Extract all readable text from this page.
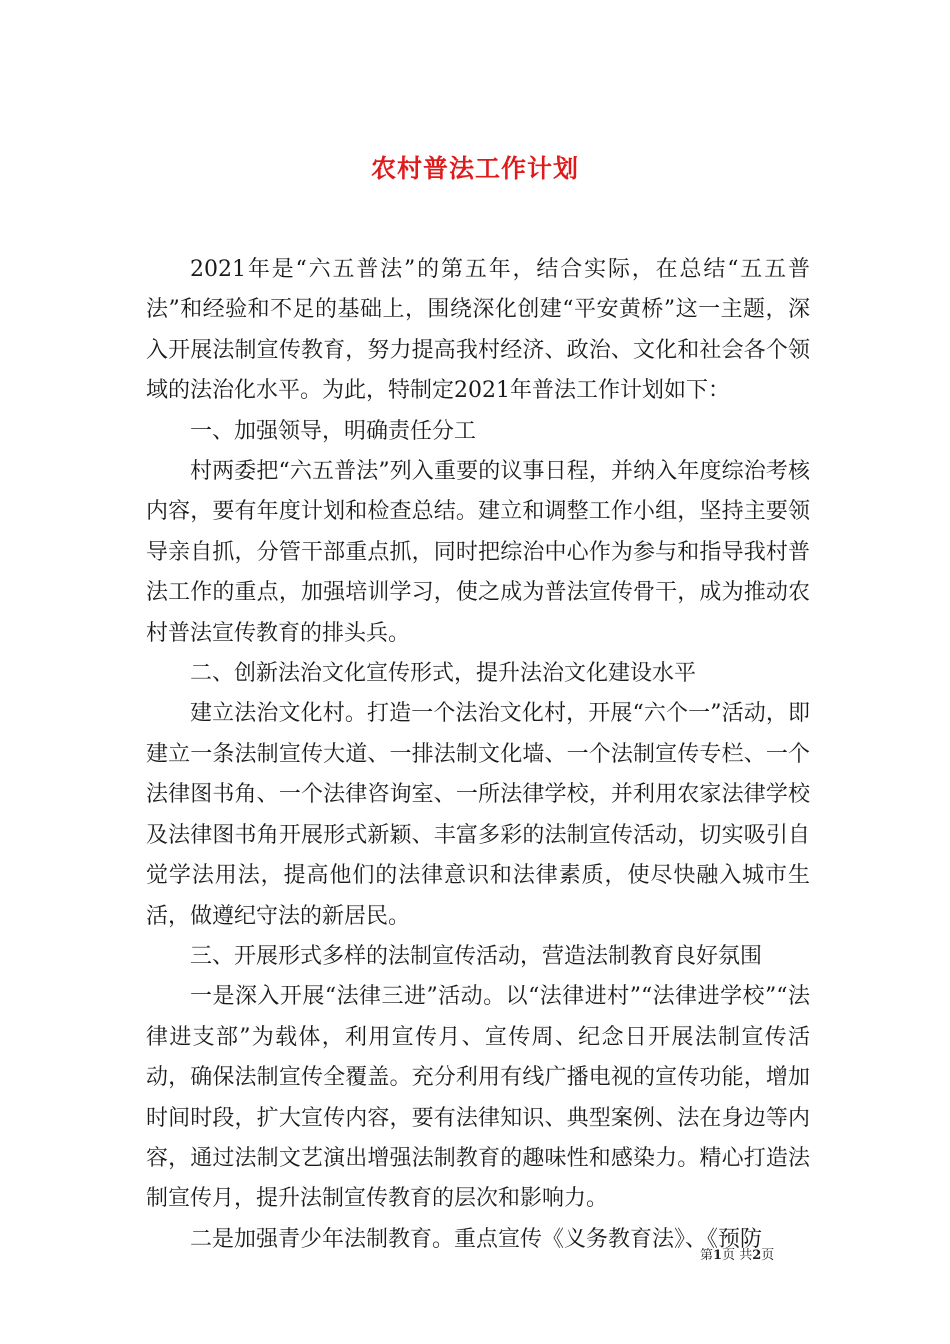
农村普法工作计划

2021年是“六五普法”的第五年，结合实际，在总结“五五普法”和经验和不足的基础上，围绕深化创建“平安黄桥”这一主题，深入开展法制宣传教育，努力提高我村经济、政治、文化和社会各个领域的法治化水平。为此，特制定2021年普法工作计划如下：

一、加强领导，明确责任分工

村两委把“六五普法”列入重要的议事日程，并纳入年度综治考核内容，要有年度计划和检查总结。建立和调整工作小组，坚持主要领导亲自抓，分管干部重点抓，同时把综治中心作为参与和指导我村普法工作的重点，加强培训学习，使之成为普法宣传骨干，成为推动农村普法宣传教育的排头兵。

二、创新法治文化宣传形式，提升法治文化建设水平

建立法治文化村。打造一个法治文化村，开展“六个一”活动，即建立一条法制宣传大道、一排法制文化墙、一个法制宣传专栏、一个法律图书角、一个法律咨询室、一所法律学校，并利用农家法律学校及法律图书角开展形式新颖、丰富多彩的法制宣传活动，切实吸引自觉学法用法，提高他们的法律意识和法律素质，使尽快融入城市生活，做遵纪守法的新居民。

三、开展形式多样的法制宣传活动，营造法制教育良好氛围

一是深入开展“法律三进”活动。以“法律进村”“法律进学校”“法律进支部”为载体，利用宣传月、宣传周、纪念日开展法制宣传活动，确保法制宣传全覆盖。充分利用有线广播电视的宣传功能，增加时间时段，扩大宣传内容，要有法律知识、典型案例、法在身边等内容，通过法制文艺演出增强法制教育的趣味性和感染力。精心打造法制宣传月，提升法制宣传教育的层次和影响力。

二是加强青少年法制教育。重点宣传《义务教育法》、《预防

第1页 共2页
